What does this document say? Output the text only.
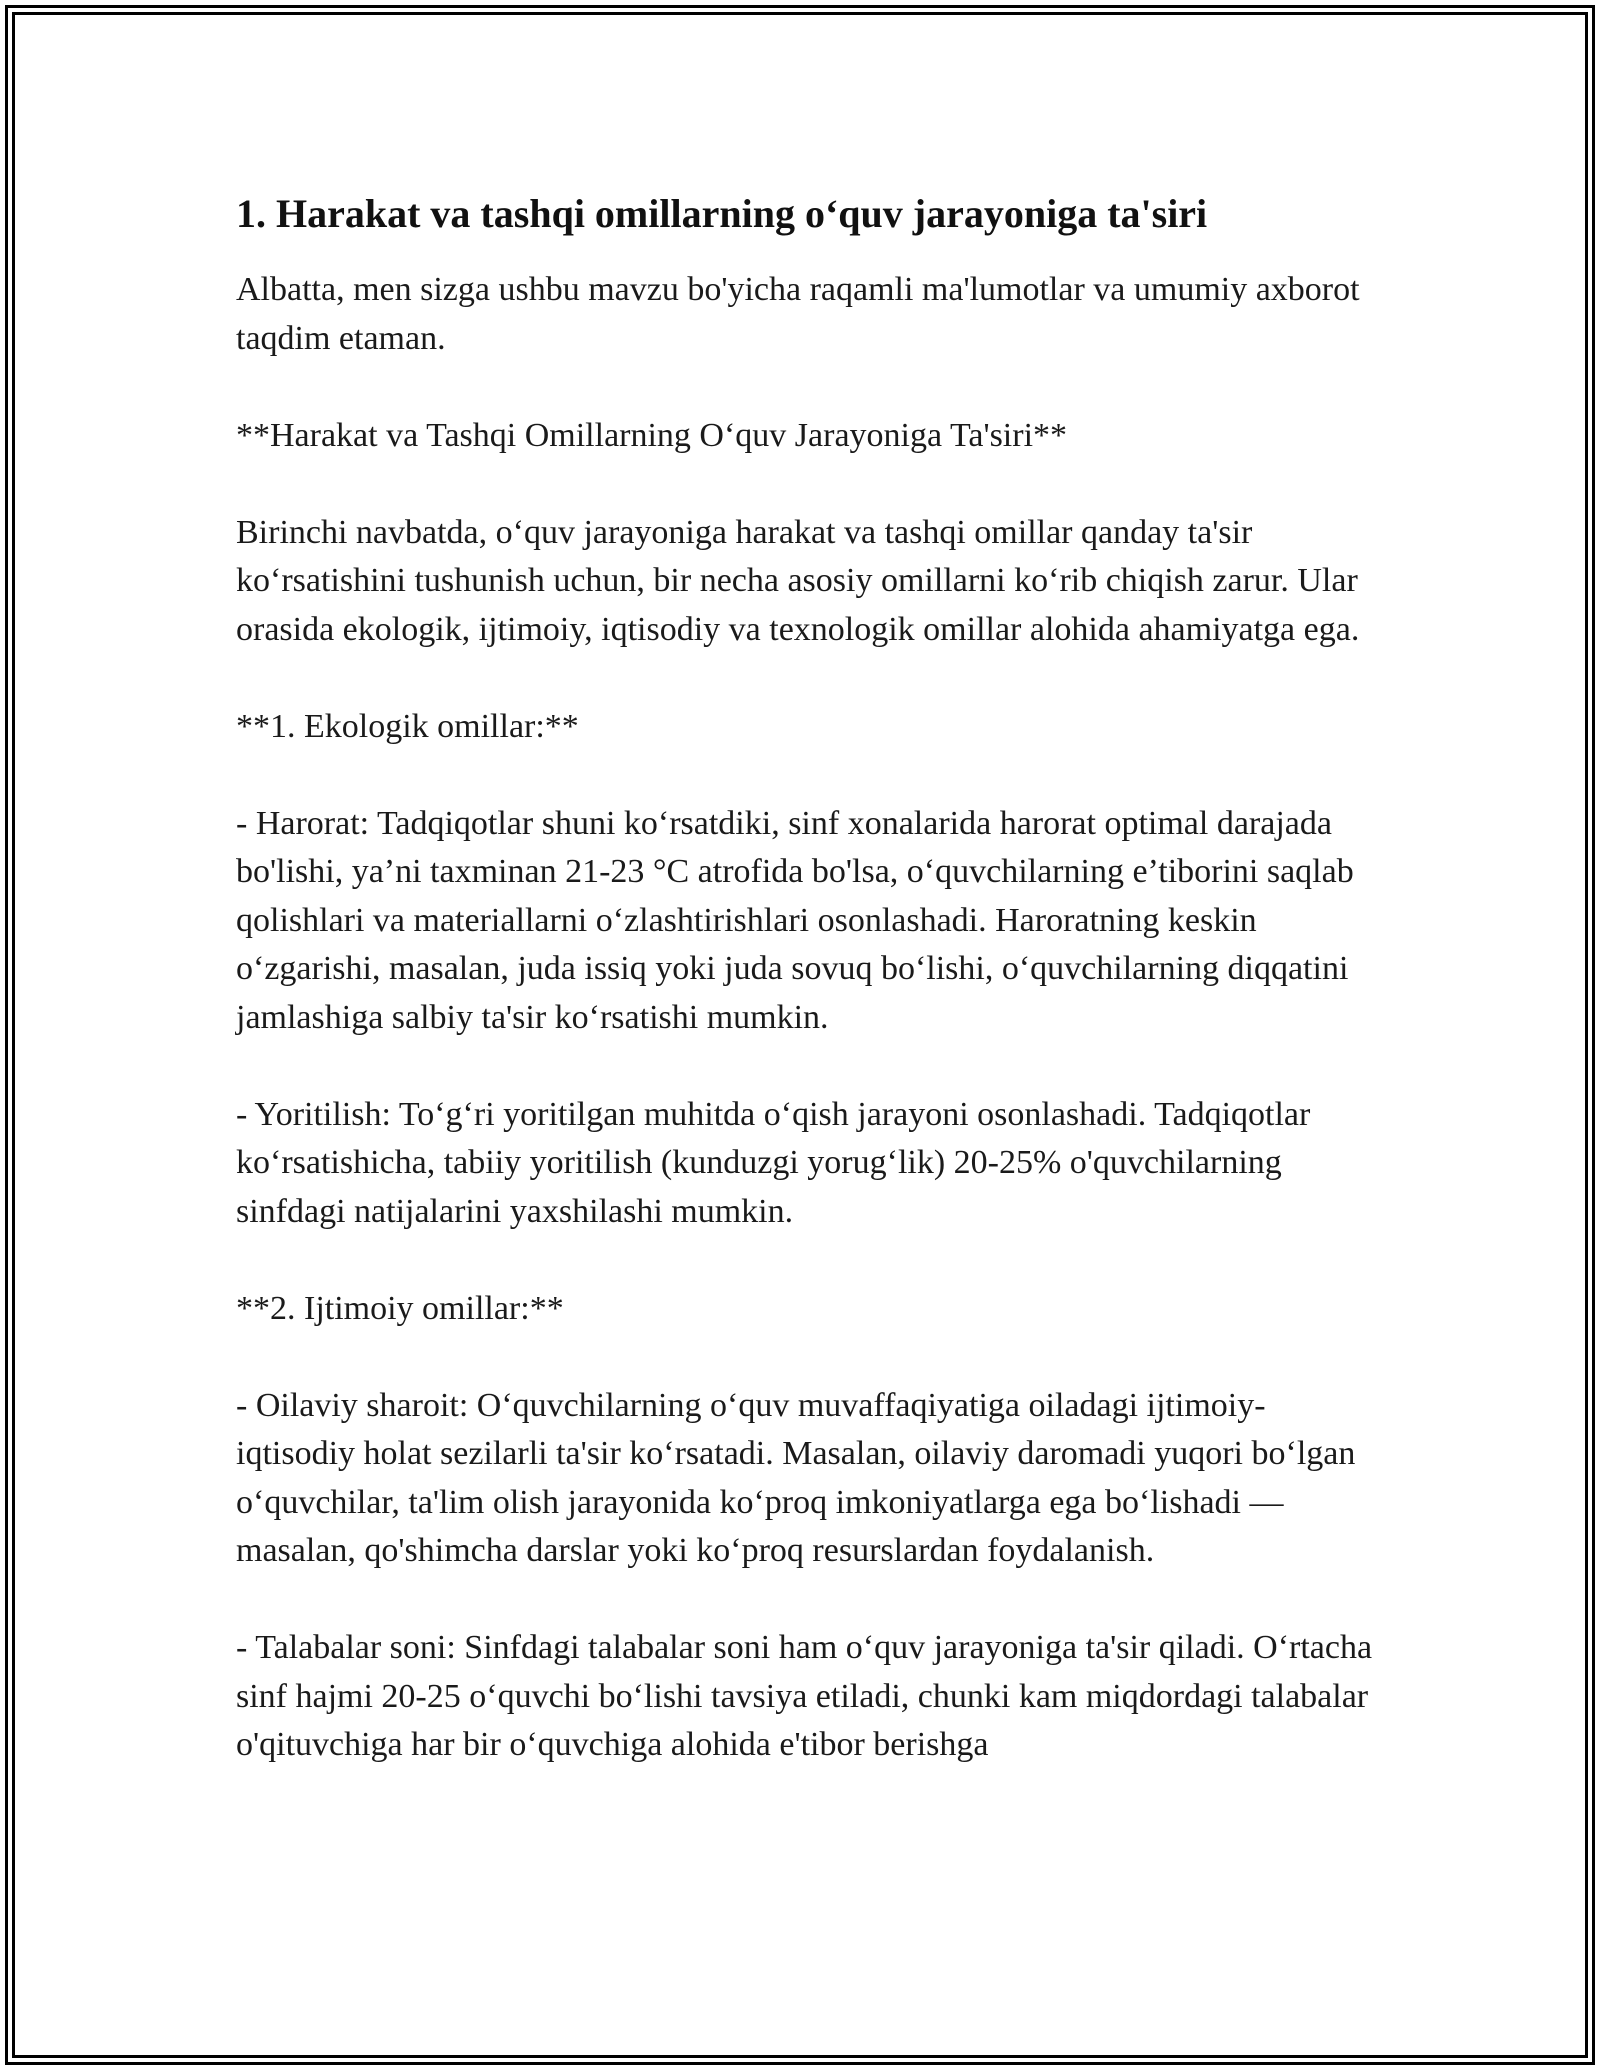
1. Harakat va tashqi omillarning o‘quv jarayoniga ta'siri

Albatta, men sizga ushbu mavzu bo'yicha raqamli ma'lumotlar va umumiy axborot taqdim etaman.

**Harakat va Tashqi Omillarning O‘quv Jarayoniga Ta'siri**

Birinchi navbatda, o‘quv jarayoniga harakat va tashqi omillar qanday ta'sir ko‘rsatishini tushunish uchun, bir necha asosiy omillarni ko‘rib chiqish zarur. Ular orasida ekologik, ijtimoiy, iqtisodiy va texnologik omillar alohida ahamiyatga ega.

**1. Ekologik omillar:**

- Harorat: Tadqiqotlar shuni ko‘rsatdiki, sinf xonalarida harorat optimal darajada bo'lishi, ya’ni taxminan 21-23 °C atrofida bo'lsa, o‘quvchilarning e’tiborini saqlab qolishlari va materiallarni o‘zlashtirishlari osonlashadi. Haroratning keskin o‘zgarishi, masalan, juda issiq yoki juda sovuq bo‘lishi, o‘quvchilarning diqqatini jamlashiga salbiy ta'sir ko‘rsatishi mumkin.

- Yoritilish: To‘g‘ri yoritilgan muhitda o‘qish jarayoni osonlashadi. Tadqiqotlar ko‘rsatishicha, tabiiy yoritilish (kunduzgi yorug‘lik) 20-25% o'quvchilarning sinfdagi natijalarini yaxshilashi mumkin.

**2. Ijtimoiy omillar:**

- Oilaviy sharoit: O‘quvchilarning o‘quv muvaffaqiyatiga oiladagi ijtimoiy-iqtisodiy holat sezilarli ta'sir ko‘rsatadi. Masalan, oilaviy daromadi yuqori bo‘lgan o‘quvchilar, ta'lim olish jarayonida ko‘proq imkoniyatlarga ega bo‘lishadi — masalan, qo'shimcha darslar yoki ko‘proq resurslardan foydalanish.

- Talabalar soni: Sinfdagi talabalar soni ham o‘quv jarayoniga ta'sir qiladi. O‘rtacha sinf hajmi 20-25 o‘quvchi bo‘lishi tavsiya etiladi, chunki kam miqdordagi talabalar o'qituvchiga har bir o‘quvchiga alohida e'tibor berishga
